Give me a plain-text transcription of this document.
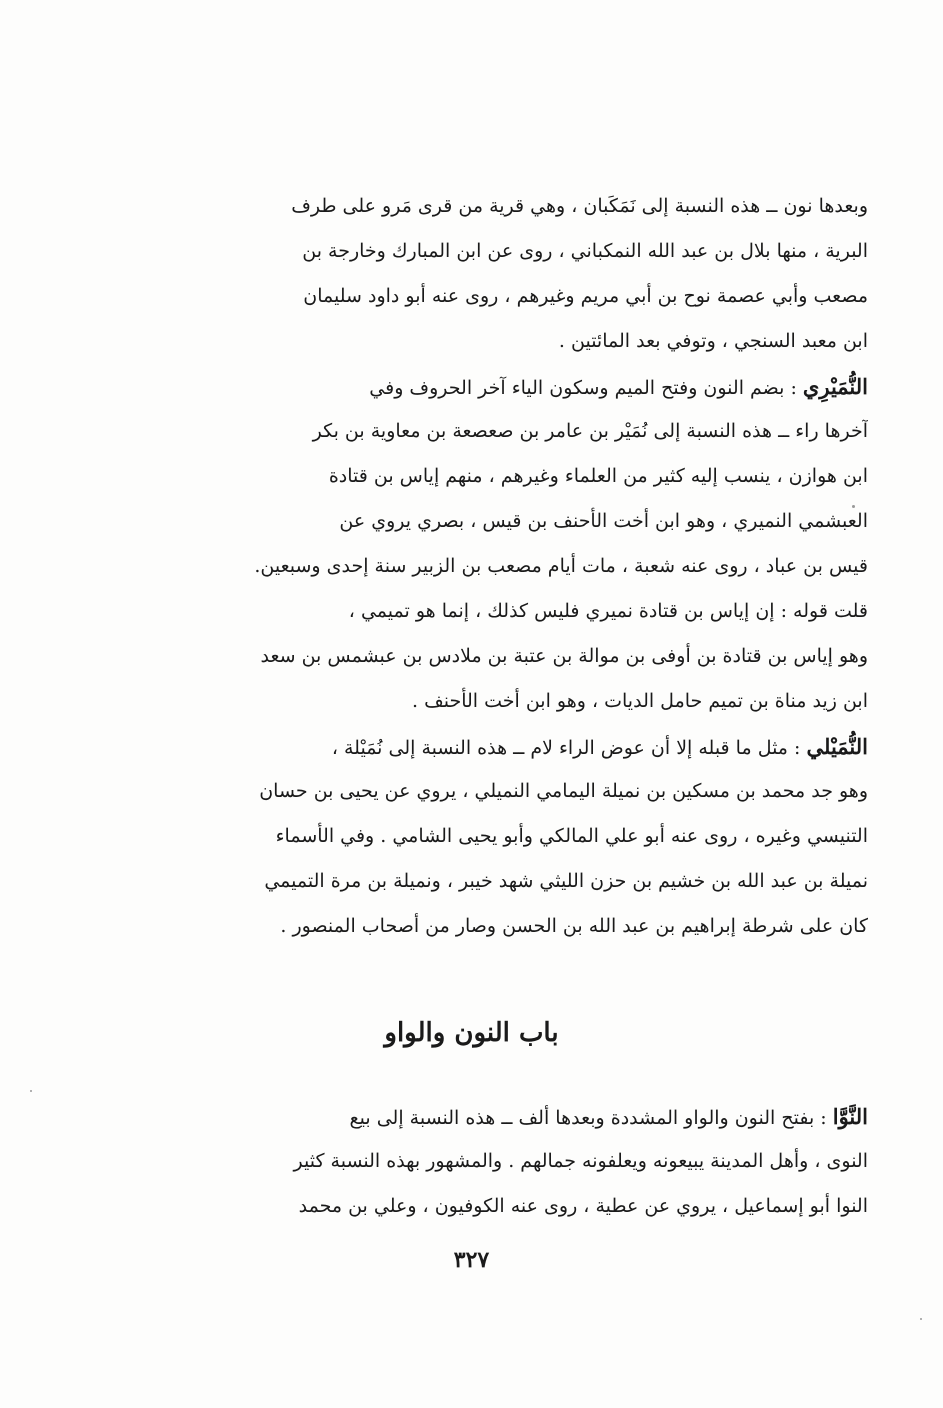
وبعدها نون ــ هذه النسبة إلى نَمَكَبان ، وهي قرية من قرى مَرو على طرف
البرية ، منها بلال بن عبد الله النمكباني ، روى عن ابن المبارك وخارجة بن
مصعب وأبي عصمة نوح بن أبي مريم وغيرهم ، روى عنه أبو داود سليمان
ابن معبد السنجي ، وتوفي بعد المائتين .
النُّمَيْرِي : بضم النون وفتح الميم وسكون الياء آخر الحروف وفي
آخرها راء ــ هذه النسبة إلى نُمَيْر بن عامر بن صعصعة بن معاوية بن بكر
ابن هوازن ، ينسب إليه كثير من العلماء وغيرهم ، منهم إياس بن قتادة
العبشمي النميري ، وهو ابن أخت الأحنف بن قيس ، بصري يروي عن
قيس بن عباد ، روى عنه شعبة ، مات أيام مصعب بن الزبير سنة إحدى وسبعين.
قلت قوله : إن إياس بن قتادة نميري فليس كذلك ، إنما هو تميمي ،
وهو إياس بن قتادة بن أوفى بن موالة بن عتبة بن ملادس بن عبشمس بن سعد
ابن زيد مناة بن تميم حامل الديات ، وهو ابن أخت الأحنف .
النُّمَيْلي : مثل ما قبله إلا أن عوض الراء لام ــ هذه النسبة إلى نُمَيْلة ،
وهو جد محمد بن مسكين بن نميلة اليمامي النميلي ، يروي عن يحيى بن حسان
التنيسي وغيره ، روى عنه أبو علي المالكي وأبو يحيى الشامي . وفي الأسماء
نميلة بن عبد الله بن خشيم بن حزن الليثي شهد خيبر ، ونميلة بن مرة التميمي
كان على شرطة إبراهيم بن عبد الله بن الحسن وصار من أصحاب المنصور .
باب النون والواو
النَّوَّا : بفتح النون والواو المشددة وبعدها ألف ــ هذه النسبة إلى بيع
النوى ، وأهل المدينة يبيعونه ويعلفونه جمالهم . والمشهور بهذه النسبة كثير
النوا أبو إسماعيل ، يروي عن عطية ، روى عنه الكوفيون ، وعلي بن محمد
٣٢٧
